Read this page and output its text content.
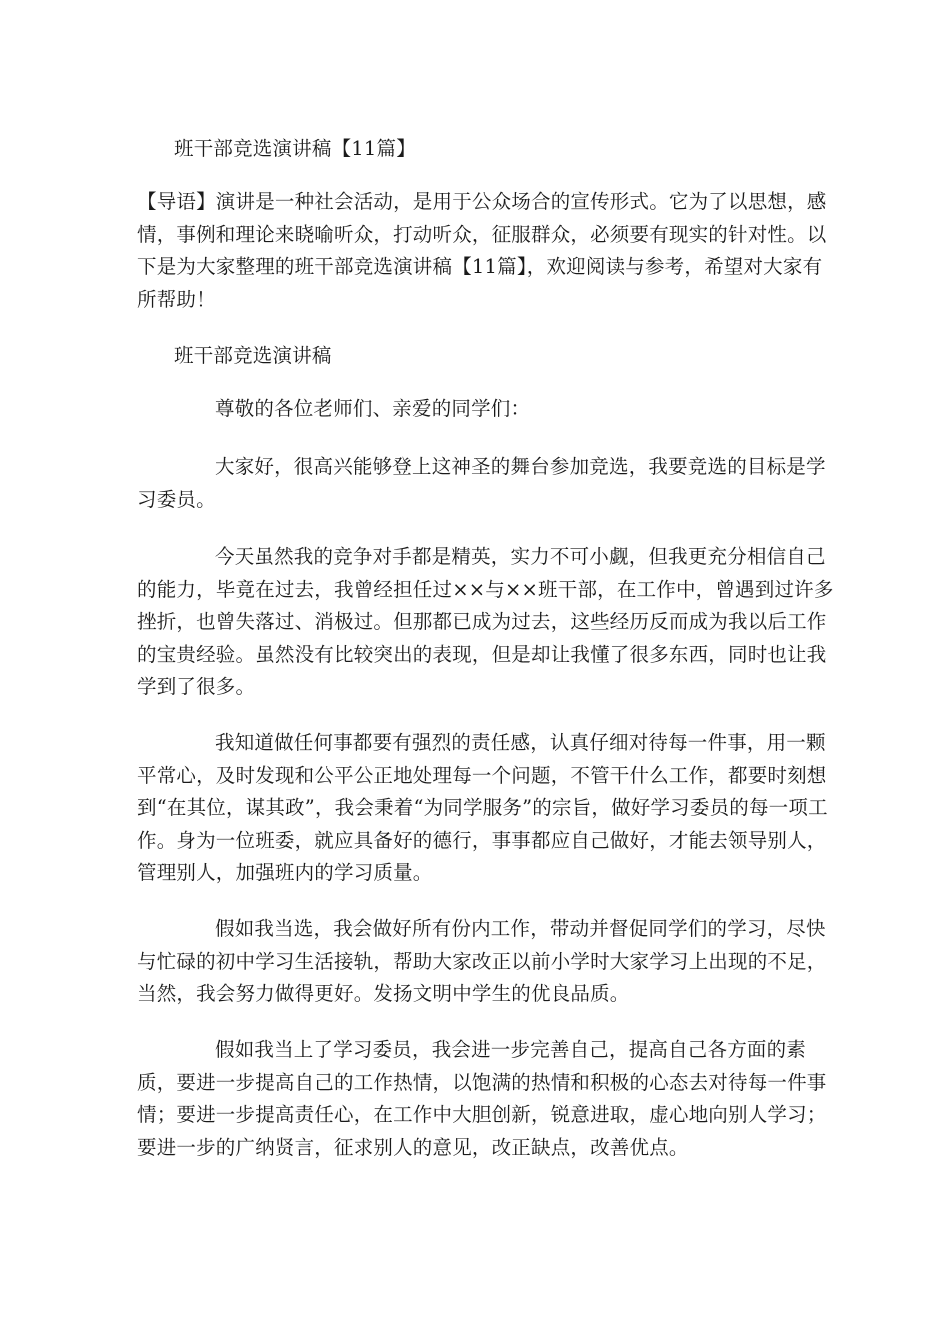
班干部竞选演讲稿【11篇】

【导语】演讲是一种社会活动，是用于公众场合的宣传形式。它为了以思想，感情，事例和理论来晓喻听众，打动听众，征服群众，必须要有现实的针对性。以下是为大家整理的班干部竞选演讲稿【11篇】，欢迎阅读与参考，希望对大家有所帮助！

班干部竞选演讲稿

尊敬的各位老师们、亲爱的同学们：

大家好，很高兴能够登上这神圣的舞台参加竞选，我要竞选的目标是学习委员。

今天虽然我的竞争对手都是精英，实力不可小觑，但我更充分相信自己的能力，毕竟在过去，我曾经担任过××与××班干部，在工作中，曾遇到过许多挫折，也曾失落过、消极过。但那都已成为过去，这些经历反而成为我以后工作的宝贵经验。虽然没有比较突出的表现，但是却让我懂了很多东西，同时也让我学到了很多。

我知道做任何事都要有强烈的责任感，认真仔细对待每一件事，用一颗平常心，及时发现和公平公正地处理每一个问题，不管干什么工作，都要时刻想到“在其位，谋其政”，我会秉着“为同学服务”的宗旨，做好学习委员的每一项工作。身为一位班委，就应具备好的德行，事事都应自己做好，才能去领导别人，管理别人，加强班内的学习质量。

假如我当选，我会做好所有份内工作，带动并督促同学们的学习，尽快与忙碌的初中学习生活接轨，帮助大家改正以前小学时大家学习上出现的不足，当然，我会努力做得更好。发扬文明中学生的优良品质。

假如我当上了学习委员，我会进一步完善自己，提高自己各方面的素质，要进一步提高自己的工作热情，以饱满的热情和积极的心态去对待每一件事情；要进一步提高责任心，在工作中大胆创新，锐意进取，虚心地向别人学习；要进一步的广纳贤言，征求别人的意见，改正缺点，改善优点。
